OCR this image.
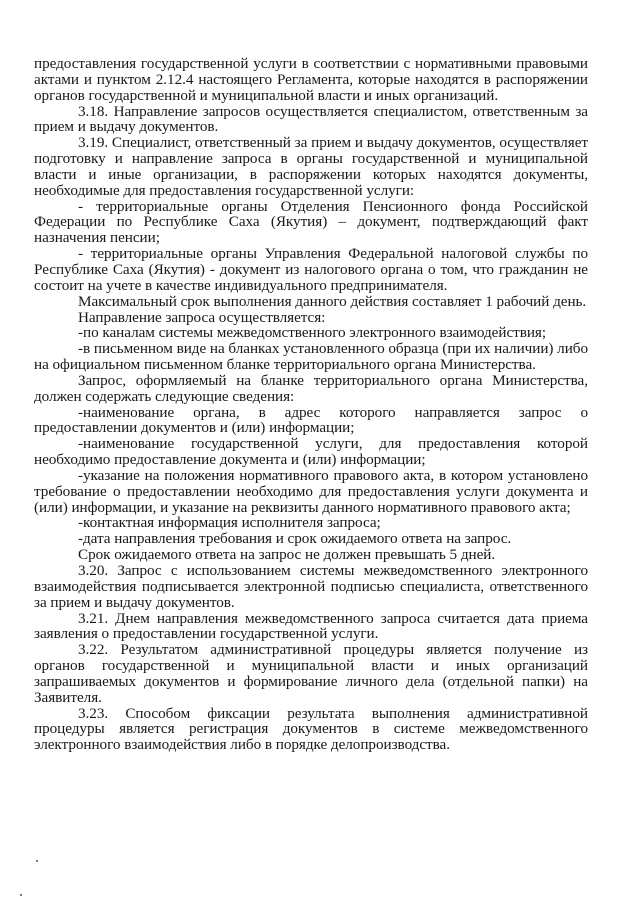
предоставления государственной услуги в соответствии с нормативными правовыми актами и пунктом 2.12.4 настоящего Регламента, которые находятся в распоряжении органов государственной и муниципальной власти и иных организаций.

3.18. Направление запросов осуществляется специалистом, ответственным за прием и выдачу документов.

3.19. Специалист, ответственный за прием и выдачу документов, осуществляет подготовку и направление запроса в органы государственной и муниципальной власти и иные организации, в распоряжении которых находятся документы, необходимые для предоставления государственной услуги:

- территориальные органы Отделения Пенсионного фонда Российской Федерации по Республике Саха (Якутия) – документ, подтверждающий факт назначения пенсии;

- территориальные органы Управления Федеральной налоговой службы по Республике Саха (Якутия) - документ из налогового органа о том, что гражданин не состоит на учете в качестве индивидуального предпринимателя.

Максимальный срок выполнения данного действия составляет 1 рабочий день.

Направление запроса осуществляется:

-по каналам системы межведомственного электронного взаимодействия;

-в письменном виде на бланках установленного образца (при их наличии) либо на официальном письменном бланке территориального органа Министерства.

Запрос, оформляемый на бланке территориального органа Министерства, должен содержать следующие сведения:

-наименование органа, в адрес которого направляется запрос о предоставлении документов и (или) информации;

-наименование государственной услуги, для предоставления которой необходимо предоставление документа и (или) информации;

-указание на положения нормативного правового акта, в котором установлено требование о предоставлении необходимо для предоставления услуги документа и (или) информации, и указание на реквизиты данного нормативного правового акта;

-контактная информация исполнителя запроса;

-дата направления требования и срок ожидаемого ответа на запрос.

Срок ожидаемого ответа на запрос не должен превышать 5 дней.

3.20. Запрос с использованием системы межведомственного электронного взаимодействия подписывается электронной подписью специалиста, ответственного за прием и выдачу документов.

3.21. Днем направления межведомственного запроса считается дата приема заявления о предоставлении государственной услуги.

3.22. Результатом административной процедуры является получение из органов государственной и муниципальной власти и иных организаций запрашиваемых документов и формирование личного дела (отдельной папки) на Заявителя.

3.23. Способом фиксации результата выполнения административной процедуры является регистрация документов в системе межведомственного электронного взаимодействия либо в порядке делопроизводства.
